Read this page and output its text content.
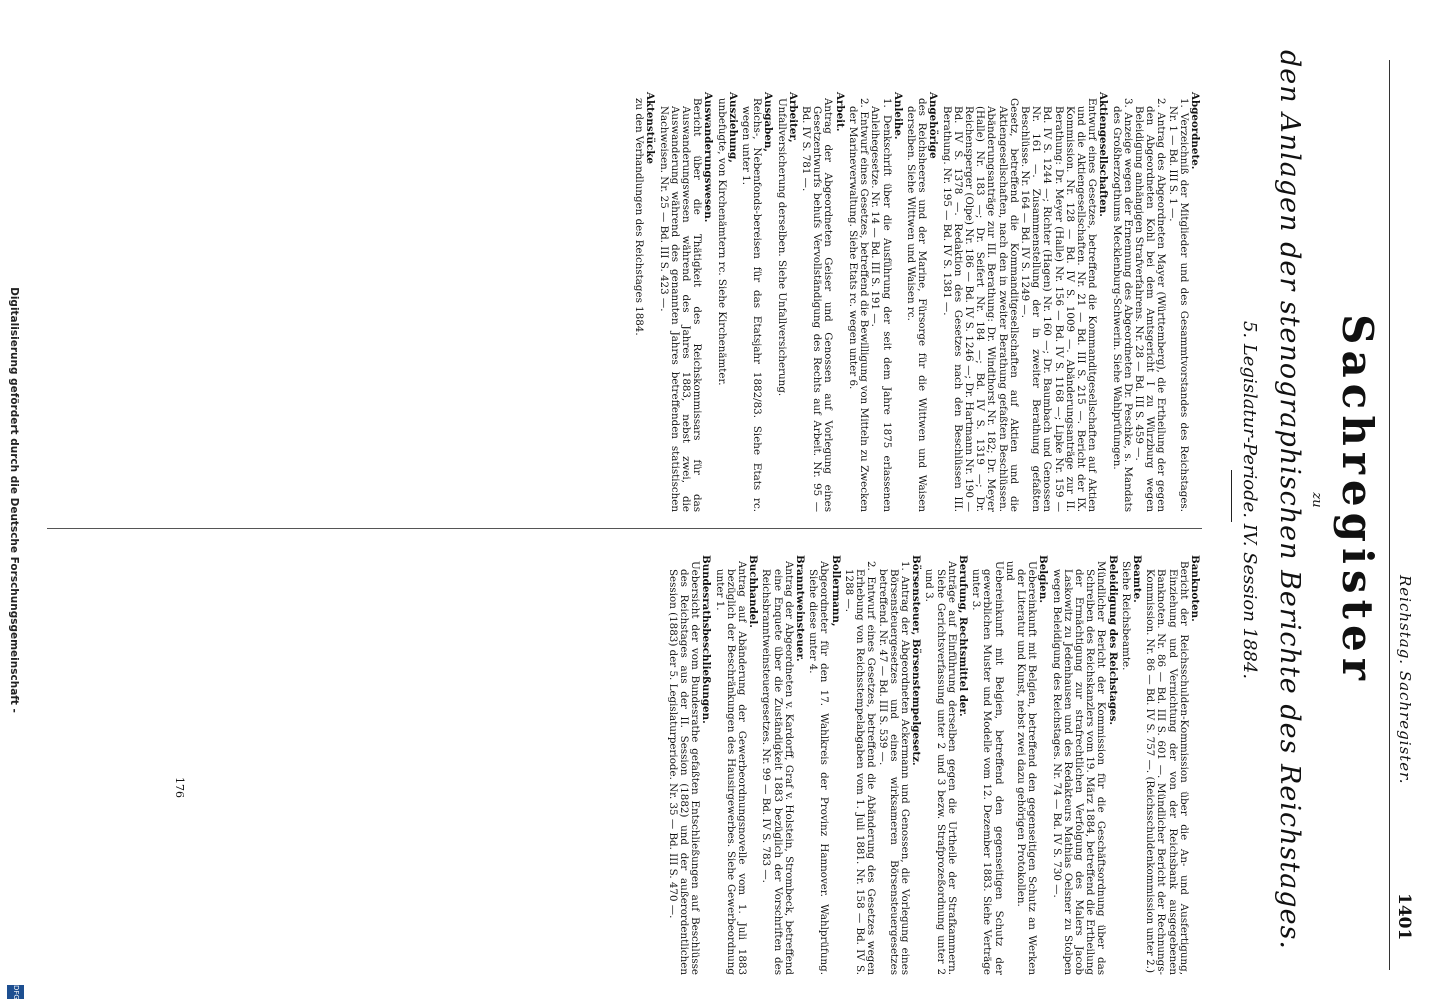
Reichstag. Sachregister.
1401
Sachregister
zu
den Anlagen der stenographischen Berichte des Reichstages.
5. Legislatur-Periode. IV. Session 1884.
Abgeordnete.
1. Verzeichniß der Mitglieder und des Gesammtvorstandes des Reichstages. Nr. 1 — Bd. III S. 1 —.
2. Antrag des Abgeordneten Mayer (Württemberg), die Ertheilung der gegen den Abgeordneten Kohl bei dem Amtsgericht I zu Würzburg wegen Beleidigung anhängigen Strafverfahrens. Nr. 28 — Bd. III S. 459 —.
3. Anzeige wegen der Ernennung des Abgeordneten Dr. Peschke, s. Mandats des Großherzogthums Mecklenburg-Schwerin. Siehe Wahlprüfungen.
Aktiengesellschaften.
Entwurf eines Gesetzes, betreffend die Kommanditgesellschaften auf Aktien und die Aktiengesellschaften. Nr. 21 — Bd. III S. 215 —. Bericht der IX. Kommission. Nr. 128 — Bd. IV S. 1009 —. Abänderungsanträge zur II. Berathung: Dr. Meyer (Halle) Nr. 156 — Bd. IV S. 1168 —; Lipke Nr. 159 — Bd. IV S. 1244 —; Richter (Hagen) Nr. 160 —; Dr. Baumbach und Genossen Nr. 161 —. Zusammenstellung der in zweiter Berathung gefaßten Beschlüsse. Nr. 164 — Bd. IV S. 1249 —.
Gesetz, betreffend die Kommanditgesellschaften auf Aktien und die Aktiengesellschaften, nach den in zweiter Berathung gefaßten Beschlüssen. Abänderungsanträge zur III. Berathung: Dr. Windthorst Nr. 182; Dr. Meyer (Halle) Nr. 183 —; Dr. Seifert Nr. 184 —; Bd. IV S. 1319 —; Dr. Reichensperger (Olpe) Nr. 186 — Bd. IV S. 1246 —; Dr. Hartmann Nr. 190 — Bd. IV S. 1378 —. Redaktion des Gesetzes nach den Beschlüssen III. Berathung. Nr. 195 — Bd. IV S. 1381 —.
Angehörige
des Reichsheeres und der Marine, Fürsorge für die Wittwen und Waisen derselben. Siehe Wittwen und Waisen rc.
Anleihe.
1. Denkschrift über die Ausführung der seit dem Jahre 1875 erlassenen Anleihegesetze. Nr. 14 — Bd. III S. 191 —.
2. Entwurf eines Gesetzes, betreffend die Bewilligung von Mitteln zu Zwecken der Marineverwaltung. Siehe Etats rc. wegen unter 6.
Arbeit.
Antrag der Abgeordneten Geiser und Genossen auf Vorlegung eines Gesetzentwurfs behufs Vervollständigung des Rechts auf Arbeit. Nr. 95 — Bd. IV S. 781 —.
Arbeiter,
Unfallversicherung derselben. Siehe Unfallversicherung.
Ausgaben,
Reichs-, Nebenfonds-bereisen für das Etatsjahr 1882/83. Siehe Etats rc. wegen unter 1.
Ausziehung,
unbefugte, von Kirchenämtern rc. Siehe Kirchenämter.
Auswanderungswesen.
Bericht über die Thätigkeit des Reichskommissars für das Auswanderungswesen während des Jahres 1883, nebst zwei, die Auswanderung während des genannten Jahres betreffenden statistischen Nachweisen. Nr. 25 — Bd. III S. 423 —.
Aktenstücke
zu den Verhandlungen des Reichstages 1884.
Banknoten.
Bericht der Reichsschulden-Kommission über die An- und Ausfertigung, Einziehung und Vernichtung der von der Reichsbank ausgegebenen Banknoten. Nr. 86 — Bd. III S. 601 —. Mündlicher Bericht der Rechnungs-Kommission. Nr. 86 — Bd. IV S. 757 —. (Reichsschuldenkommission unter 2.)
Beamte.
Siehe Reichsbeamte.
Beleidigung des Reichstages.
Mündlicher Bericht der Kommission für die Geschäftsordnung über das Schreiben des Reichskanzlers vom 19. März 1884, betreffend die Ertheilung der Ermächtigung zur strafrechtlichen Verfolgung des Malers Jacob Laskowitz zu Jedenhausen und des Redakteurs Mathias Oelsner zu Stolpen wegen Beleidigung des Reichstages. Nr. 74 — Bd. IV S. 730 —.
Belgien.
Uebereinkunft mit Belgien, betreffend den gegenseitigen Schutz an Werken der Literatur und Kunst, nebst zwei dazu gehörigen Protokollen.
und
Uebereinkunft mit Belgien, betreffend den gegenseitigen Schutz der gewerblichen Muster und Modelle vom 12. Dezember 1883. Siehe Verträge unter 3.
Berufung, Rechtsmittel der.
Anträge auf Einführung derselben gegen die Urtheile der Strafkammern. Siehe Gerichtsverfassung unter 2 und 3 bezw. Strafprozeßordnung unter 2 und 3.
Börsensteuer, Börsenstempelgesetz.
1. Antrag der Abgeordneten Ackermann und Genossen, die Vorlegung eines Börsensteuergesetzes und eines wirksameren Börsensteuergesetzes betreffend. Nr. 47 — Bd. III S. 539 —.
2. Entwurf eines Gesetzes, betreffend die Abänderung des Gesetzes wegen Erhebung von Reichsstempelabgaben vom 1. Juli 1881. Nr. 158 — Bd. IV S. 1288 —.
Bollermann,
Abgeordneter für den 17. Wahlkreis der Provinz Hannover. Wahlprüfung. Siehe diese unter 4.
Branntweinsteuer.
Antrag der Abgeordneten v. Kardorff, Graf v. Holstein, Strombeck, betreffend eine Enquete über die Zuständigkeit 1883 bezüglich der Vorschriften des Reichsbranntweinsteuergesetzes. Nr. 99 — Bd. IV S. 783 —.
Buchhandel.
Antrag auf Abänderung der Gewerbeordnungsnovelle vom 1. Juli 1883 bezüglich der Beschränkungen des Hausirgewerbes. Siehe Gewerbeordnung unter 1.
Bundesrathsbeschließungen.
Uebersicht der vom Bundesrathe gefaßten Entschließungen auf Beschlüsse des Reichstages aus der II. Session (1882) und der außerordentlichen Session (1883) der 5. Legislaturperiode. Nr. 35 — Bd. III S. 470 —.
176
Digitalisierung gefördert durch die Deutsche Forschungsgemeinschaft -
DFG
